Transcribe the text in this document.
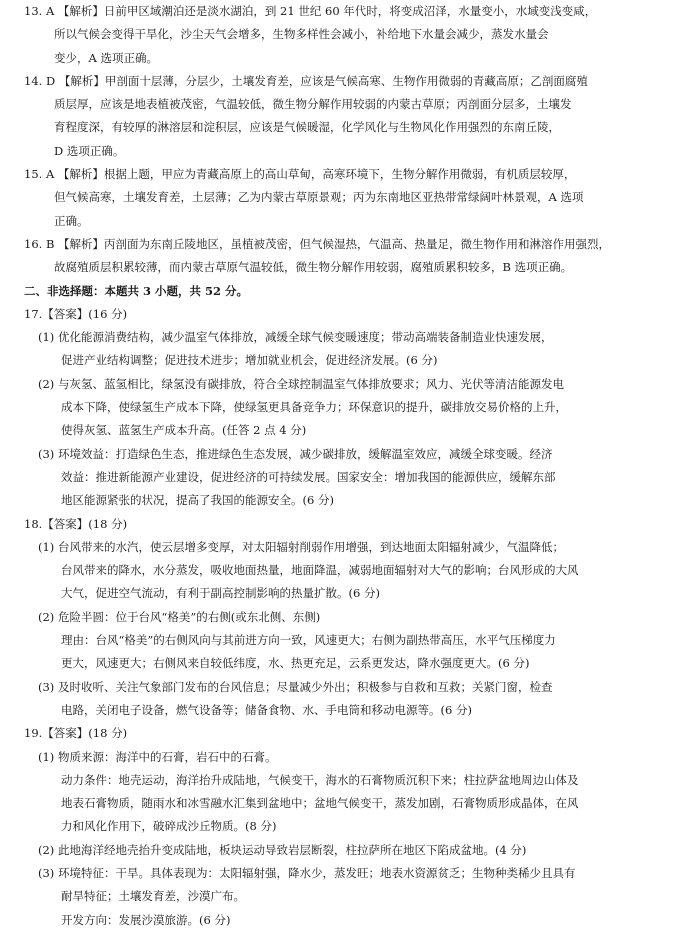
13. A 【解析】日前甲区域潮泊还是淡水湖泊，到 21 世纪 60 年代时，将变成沼泽，水量变小，水域变浅变咸，
所以气候会变得干旱化，沙尘天气会增多，生物多样性会减小，补给地下水量会减少，蒸发水量会
变少，A 选项正确。
14. D 【解析】甲剖面十层薄，分层少，土壤发育差，应该是气候高寒、生物作用微弱的青藏高原；乙剖面腐殖
质层厚，应该是地表植被茂密，气温较低，微生物分解作用较弱的内蒙古草原；丙剖面分层多，土壤发
育程度深，有较厚的淋溶层和淀积层，应该是气候暖湿，化学风化与生物风化作用强烈的东南丘陵，
D 选项正确。
15. A 【解析】根据上题，甲应为青藏高原上的高山草甸，高寒环境下，生物分解作用微弱，有机质层较厚，
但气候高寒，土壤发育差，土层薄；乙为内蒙古草原景观；丙为东南地区亚热带常绿阔叶林景观，A 选项
正确。
16. B 【解析】丙剖面为东南丘陵地区，虽植被茂密，但气候湿热，气温高、热量足，微生物作用和淋溶作用强烈，
故腐殖质层积累较薄，而内蒙古草原气温较低，微生物分解作用较弱，腐殖质累积较多，B 选项正确。
二、非选择题：本题共 3 小题，共 52 分。
17.【答案】(16 分)
(1) 优化能源消费结构，减少温室气体排放，减缓全球气候变暖速度；带动高端装备制造业快速发展，
促进产业结构调整；促进技术进步；增加就业机会，促进经济发展。(6 分)
(2) 与灰氢、蓝氢相比，绿氢没有碳排放，符合全球控制温室气体排放要求；风力、光伏等清洁能源发电
成本下降，使绿氢生产成本下降，使绿氢更具备竞争力；环保意识的提升，碳排放交易价格的上升，
使得灰氢、蓝氢生产成本升高。(任答 2 点 4 分)
(3) 环境效益：打造绿色生态，推进绿色生态发展，减少碳排放，缓解温室效应，减缓全球变暖。经济
效益：推进新能源产业建设，促进经济的可持续发展。国家安全：增加我国的能源供应，缓解东部
地区能源紧张的状况，提高了我国的能源安全。(6 分)
18.【答案】(18 分)
(1) 台风带来的水汽，使云层增多变厚，对太阳辐射削弱作用增强，到达地面太阳辐射减少，气温降低；
台风带来的降水，水分蒸发，吸收地面热量，地面降温，减弱地面辐射对大气的影响；台风形成的大风
大气，促进空气流动，有利于副高控制影响的热量扩散。(6 分)
(2) 危险半圆：位于台风“格美”的右侧(或东北侧、东侧)
理由：台风“格美”的右侧风向与其前进方向一致，风速更大；右侧为副热带高压，水平气压梯度力
更大，风速更大；右侧风来自较低纬度，水、热更充足，云系更发达，降水强度更大。(6 分)
(3) 及时收听、关注气象部门发布的台风信息；尽量减少外出；积极参与自救和互救；关紧门窗，检查
电路，关闭电子设备，燃气设备等；储备食物、水、手电筒和移动电源等。(6 分)
19.【答案】(18 分)
(1) 物质来源：海洋中的石膏，岩石中的石膏。
动力条件：地壳运动，海洋抬升成陆地，气候变干，海水的石膏物质沉积下来；柱拉萨盆地周边山体及
地表石膏物质，随雨水和冰雪融水汇集到盆地中；盆地气候变干，蒸发加剧，石膏物质形成晶体，在风
力和风化作用下，破碎成沙丘物质。(8 分)
(2) 此地海洋经地壳抬升变成陆地，板块运动导致岩层断裂，柱拉萨所在地区下陷成盆地。(4 分)
(3) 环境特征：干旱。具体表现为：太阳辐射强，降水少，蒸发旺；地表水资源贫乏；生物种类稀少且具有
耐旱特征；土壤发育差，沙漠广布。
开发方向：发展沙漠旅游。(6 分)
